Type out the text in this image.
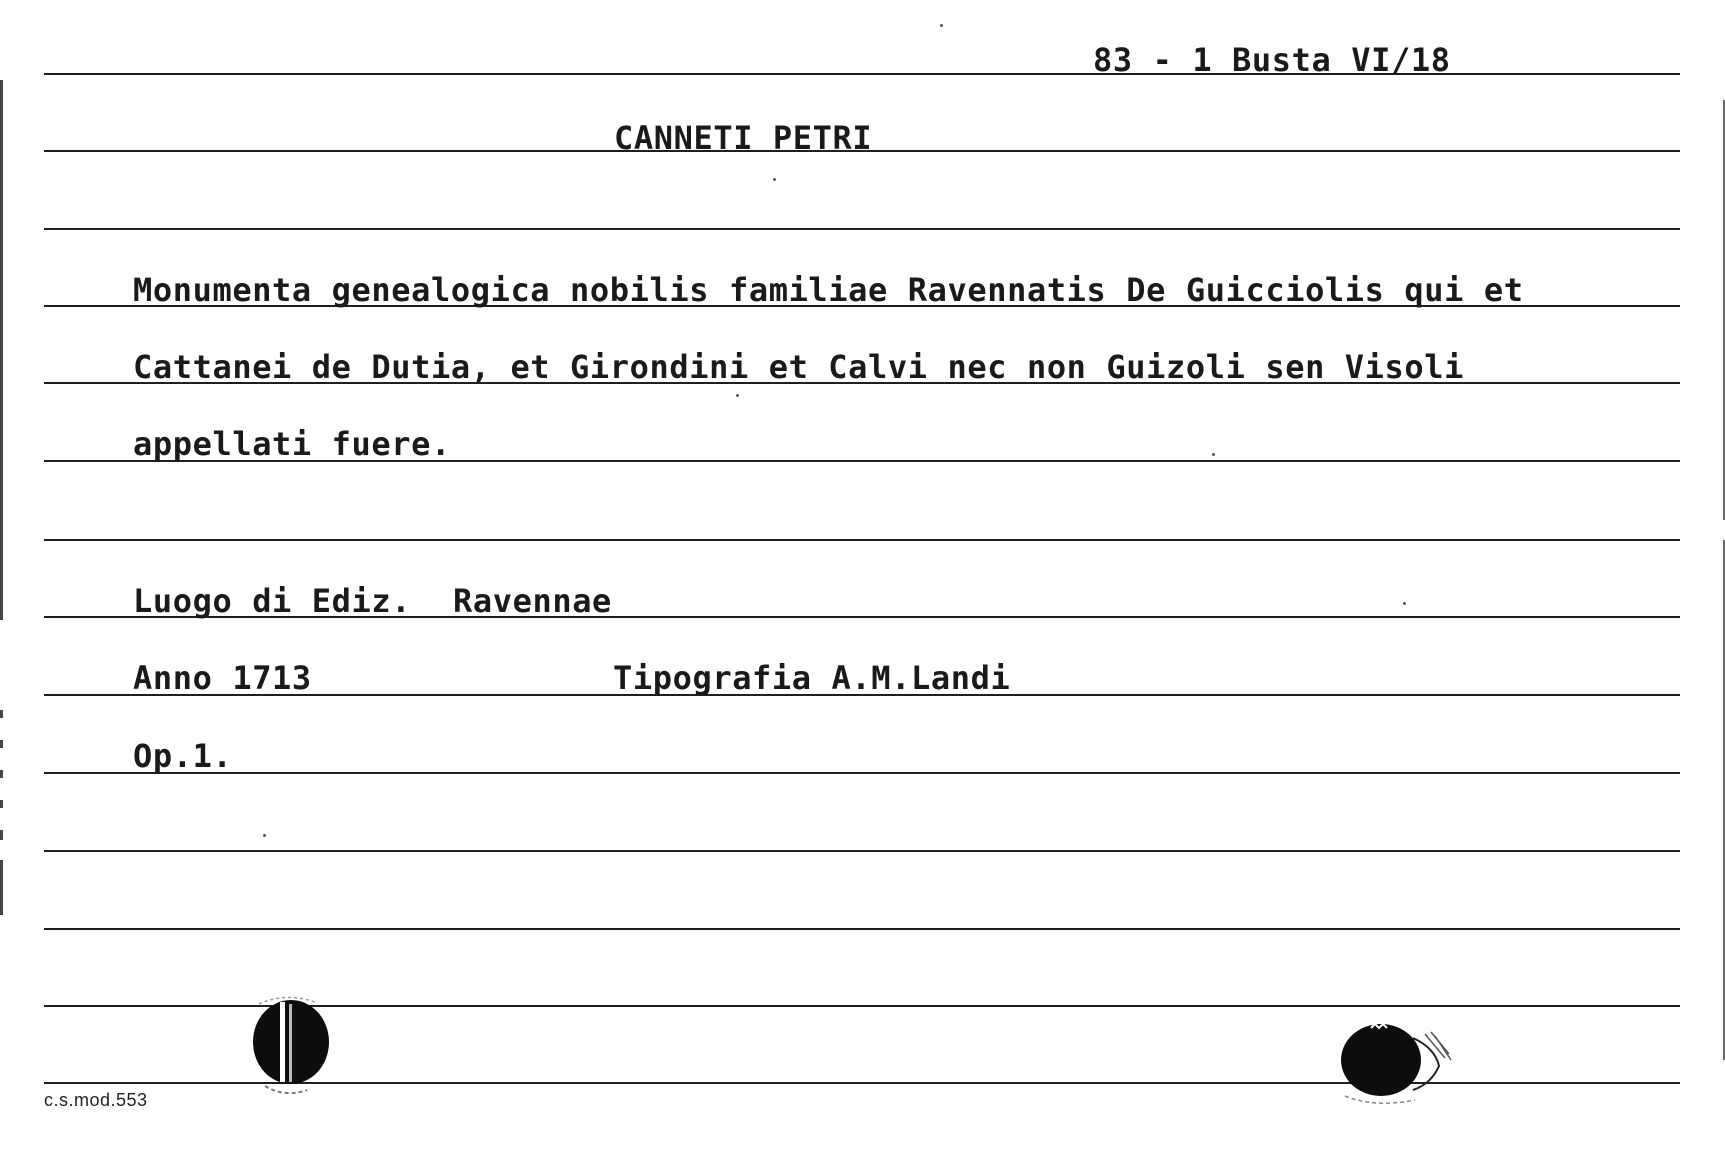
83 - 1 Busta VI/18
CANNETI PETRI
Monumenta genealogica nobilis familiae Ravennatis De Guicciolis qui et
Cattanei de Dutia, et Girondini et Calvi nec non Guizoli sen Visoli
appellati fuere.
Luogo di Ediz. Ravennae
Anno 1713	Tipografia A.M.Landi
Op.1.
c.s.mod.553
